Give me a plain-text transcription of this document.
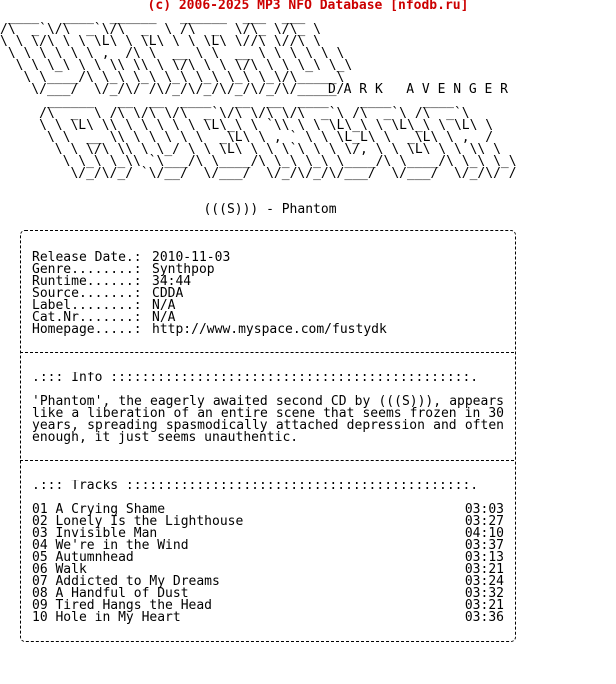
(c) 2006-2025 MP3 NFO Database [nfodb.ru]
____   ____  ______   ______  ___  ___
/\  _`\/\  _`\/\  _  \ /\  _  \/\_ \/\_ \
\ \ \/\ \ \ \L\ \ \L\ \ \ \L\ \//\ \//\ \
\ \ \ \ \ \ ,  /\ \  __ \ \  __ \ \ \ \ \ \
\ \ \_\ \ \ \\ \\ \ \/\ \ \ \/\ \ \ \_\ \_\
\ \____/\ \_\ \_\ \_\ \_\ \_\ \_\/\_____\
\/___/  \/_/\/ /\/_/\/_/\/_/\/_/\/_____/
D A R K   A V E N G E R
______   __  __  ____   __  __  ____    ____    ____
/\  _  \ /\ \/\ \/\  _`\/\ \/\ \/\  _`\ /\  _`\ /\  _`\
\ \ \L\ \\ \ \ \ \ \ \L\_\ \ `\\ \ \ \L\_\ \ \L\_\ \ \L\ \
\ \  __ \\ \ \ \ \ \  _\L\ \ , ` \ \ \L_L\ \  _\L\ \ ,  /
\ \ \/\ \\ \ \_/ \ \ \L\ \ \ \`\ \ \ \/, \ \ \L\ \ \ \\ \
\ \_\ \_\\ `\___/\ \____/\ \_\ \_\ \____/\ \____/\ \_\ \_\
\/_/\/_/ `\/__/  \/___/  \/_/\/_/\/___/  \/___/  \/_/\/ /
(((S))) - Phantom
Release Date.: 2010-11-03
Genre........: Synthpop
Runtime......: 34:44
Source.......: CDDA
Label........: N/A
Cat.Nr.......: N/A
Homepage.....: http://www.myspace.com/fustydk
.::: Info ::::::::::::::::::::::::::::::::::::::::::::::.

'Phantom', the eagerly awaited second CD by (((S))), appears like a liberation of an entire scene that seems frozen in 30 years, spreading spasmodically attached depression and often enough, it just seems unauthentic.

.::: Tracks ::::::::::::::::::::::::::::::::::::::::::::.
01 A Crying Shame	03:03
02 Lonely Is the Lighthouse	03:27
03 Invisible Man	04:10
04 We're in the Wind	03:37
05 Autumnhead	03:13
06 Walk	03:21
07 Addicted to My Dreams	03:24
08 A Handful of Dust	03:32
09 Tired Hangs the Head	03:21
10 Hole in My Heart	03:36
